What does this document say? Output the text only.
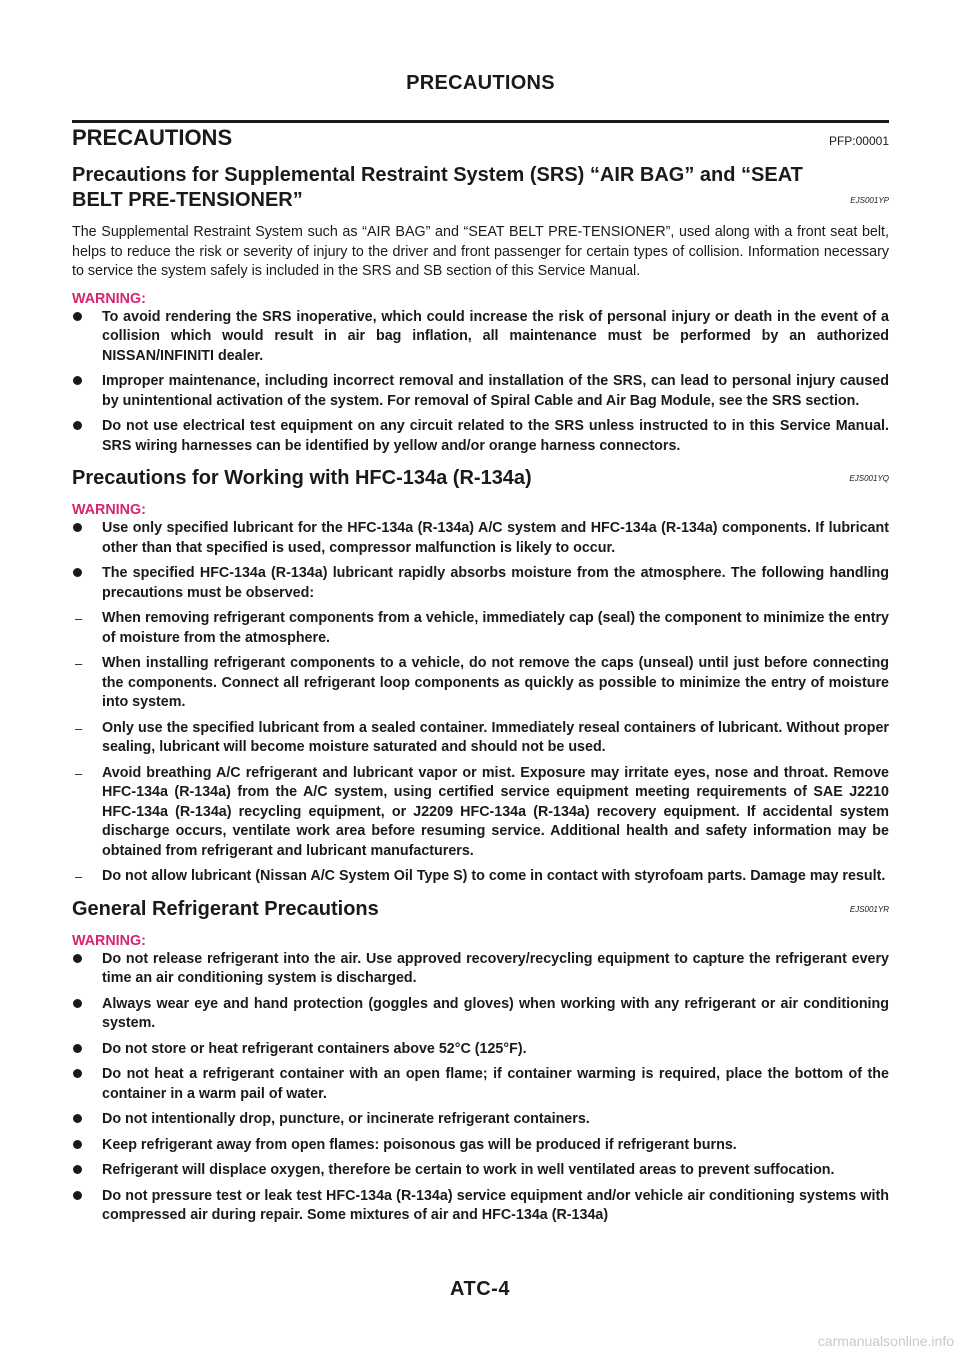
PRECAUTIONS
PRECAUTIONS	PFP:00001
Precautions for Supplemental Restraint System (SRS) “AIR BAG” and “SEAT BELT PRE-TENSIONER”	EJS001YP

The Supplemental Restraint System such as “AIR BAG” and “SEAT BELT PRE-TENSIONER”, used along with a front seat belt, helps to reduce the risk or severity of injury to the driver and front passenger for certain types of collision. Information necessary to service the system safely is included in the SRS and SB section of this Service Manual.

WARNING:
To avoid rendering the SRS inoperative, which could increase the risk of personal injury or death in the event of a collision which would result in air bag inflation, all maintenance must be performed by an authorized NISSAN/INFINITI dealer.
Improper maintenance, including incorrect removal and installation of the SRS, can lead to personal injury caused by unintentional activation of the system. For removal of Spiral Cable and Air Bag Module, see the SRS section.
Do not use electrical test equipment on any circuit related to the SRS unless instructed to in this Service Manual. SRS wiring harnesses can be identified by yellow and/or orange harness connectors.
Precautions for Working with HFC-134a (R-134a)	EJS001YQ
WARNING:
Use only specified lubricant for the HFC-134a (R-134a) A/C system and HFC-134a (R-134a) components. If lubricant other than that specified is used, compressor malfunction is likely to occur.
The specified HFC-134a (R-134a) lubricant rapidly absorbs moisture from the atmosphere. The following handling precautions must be observed:
– When removing refrigerant components from a vehicle, immediately cap (seal) the component to minimize the entry of moisture from the atmosphere.
– When installing refrigerant components to a vehicle, do not remove the caps (unseal) until just before connecting the components. Connect all refrigerant loop components as quickly as possible to minimize the entry of moisture into system.
– Only use the specified lubricant from a sealed container. Immediately reseal containers of lubricant. Without proper sealing, lubricant will become moisture saturated and should not be used.
– Avoid breathing A/C refrigerant and lubricant vapor or mist. Exposure may irritate eyes, nose and throat. Remove HFC-134a (R-134a) from the A/C system, using certified service equipment meeting requirements of SAE J2210 HFC-134a (R-134a) recycling equipment, or J2209 HFC-134a (R-134a) recovery equipment. If accidental system discharge occurs, ventilate work area before resuming service. Additional health and safety information may be obtained from refrigerant and lubricant manufacturers.
– Do not allow lubricant (Nissan A/C System Oil Type S) to come in contact with styrofoam parts. Damage may result.
General Refrigerant Precautions	EJS001YR
WARNING:
Do not release refrigerant into the air. Use approved recovery/recycling equipment to capture the refrigerant every time an air conditioning system is discharged.
Always wear eye and hand protection (goggles and gloves) when working with any refrigerant or air conditioning system.
Do not store or heat refrigerant containers above 52°C (125°F).
Do not heat a refrigerant container with an open flame; if container warming is required, place the bottom of the container in a warm pail of water.
Do not intentionally drop, puncture, or incinerate refrigerant containers.
Keep refrigerant away from open flames: poisonous gas will be produced if refrigerant burns.
Refrigerant will displace oxygen, therefore be certain to work in well ventilated areas to prevent suffocation.
Do not pressure test or leak test HFC-134a (R-134a) service equipment and/or vehicle air conditioning systems with compressed air during repair. Some mixtures of air and HFC-134a (R-134a)
ATC-4
carmanualsonline.info
